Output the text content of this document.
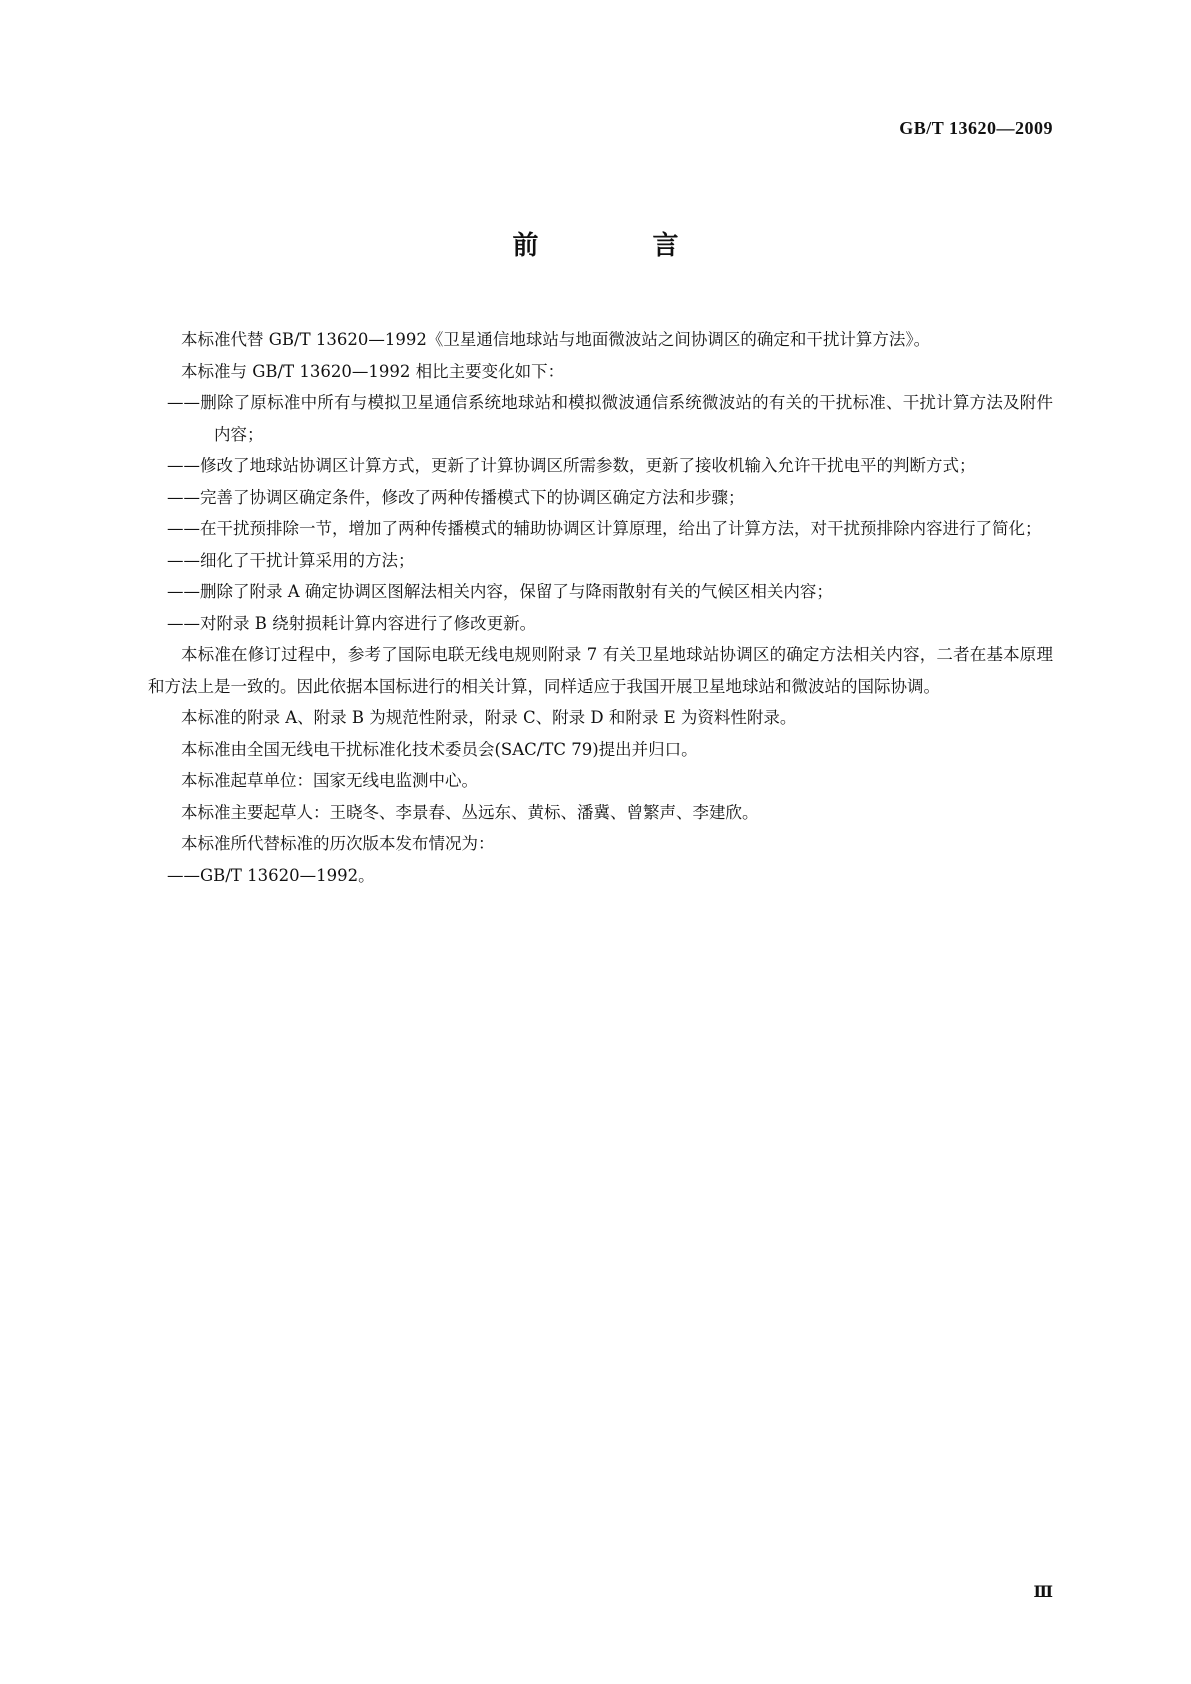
GB/T 13620—2009
前　言

本标准代替 GB/T 13620—1992《卫星通信地球站与地面微波站之间协调区的确定和干扰计算方法》。

本标准与 GB/T 13620—1992 相比主要变化如下：

——删除了原标准中所有与模拟卫星通信系统地球站和模拟微波通信系统微波站的有关的干扰标准、干扰计算方法及附件内容；

——修改了地球站协调区计算方式，更新了计算协调区所需参数，更新了接收机输入允许干扰电平的判断方式；

——完善了协调区确定条件，修改了两种传播模式下的协调区确定方法和步骤；

——在干扰预排除一节，增加了两种传播模式的辅助协调区计算原理，给出了计算方法，对干扰预排除内容进行了简化；

——细化了干扰计算采用的方法；

——删除了附录 A 确定协调区图解法相关内容，保留了与降雨散射有关的气候区相关内容；

——对附录 B 绕射损耗计算内容进行了修改更新。

本标准在修订过程中，参考了国际电联无线电规则附录 7 有关卫星地球站协调区的确定方法相关内容，二者在基本原理和方法上是一致的。因此依据本国标进行的相关计算，同样适应于我国开展卫星地球站和微波站的国际协调。

本标准的附录 A、附录 B 为规范性附录，附录 C、附录 D 和附录 E 为资料性附录。

本标准由全国无线电干扰标准化技术委员会(SAC/TC 79)提出并归口。

本标准起草单位：国家无线电监测中心。

本标准主要起草人：王晓冬、李景春、丛远东、黄标、潘冀、曾繁声、李建欣。

本标准所代替标准的历次版本发布情况为：

——GB/T 13620—1992。

Ⅲ
